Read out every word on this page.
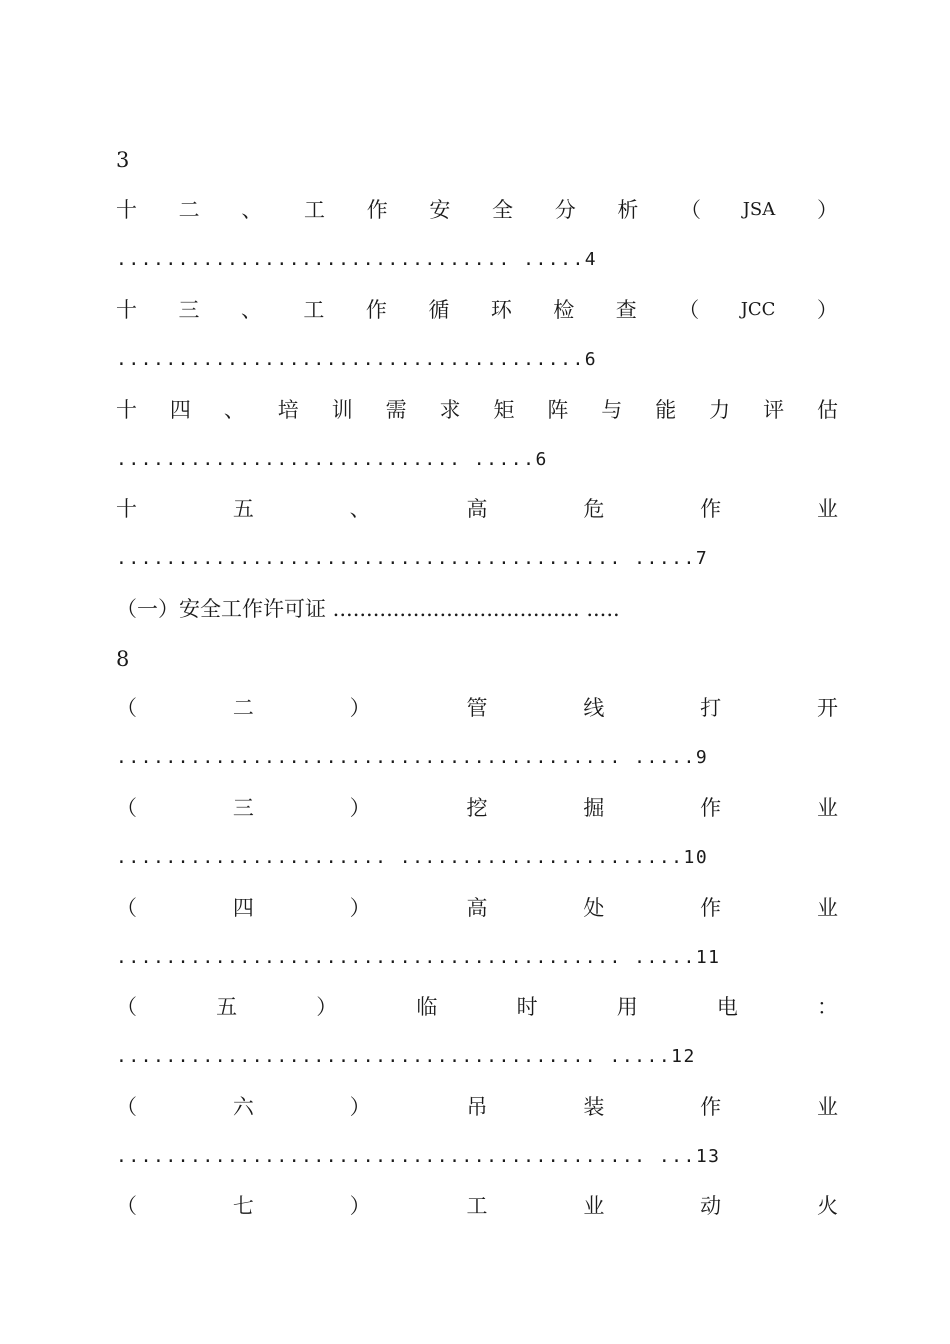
3
十 二 、 工 作 安 全 分 析 （ JSA ）
................................ .....4
十 三 、 工 作 循 环 检 查 （ JCC ）
......................................6
十 四 、 培 训 需 求 矩 阵 与 能 力 评 估
............................ .....6
十	五	、	高	危	作	业
......................................... .....7
（一）安全工作许可证 ..................................... .....
8
（	二	）	管	线	打	开
......................................... .....9
（	三	）	挖	掘	作	业
...................... .......................10
（	四	）	高	处	作	业
......................................... .....11
（	五	）	临	时	用	电	：
....................................... .....12
（	六	）	吊	装	作	业
........................................... ...13
（	七	）	工	业	动	火
